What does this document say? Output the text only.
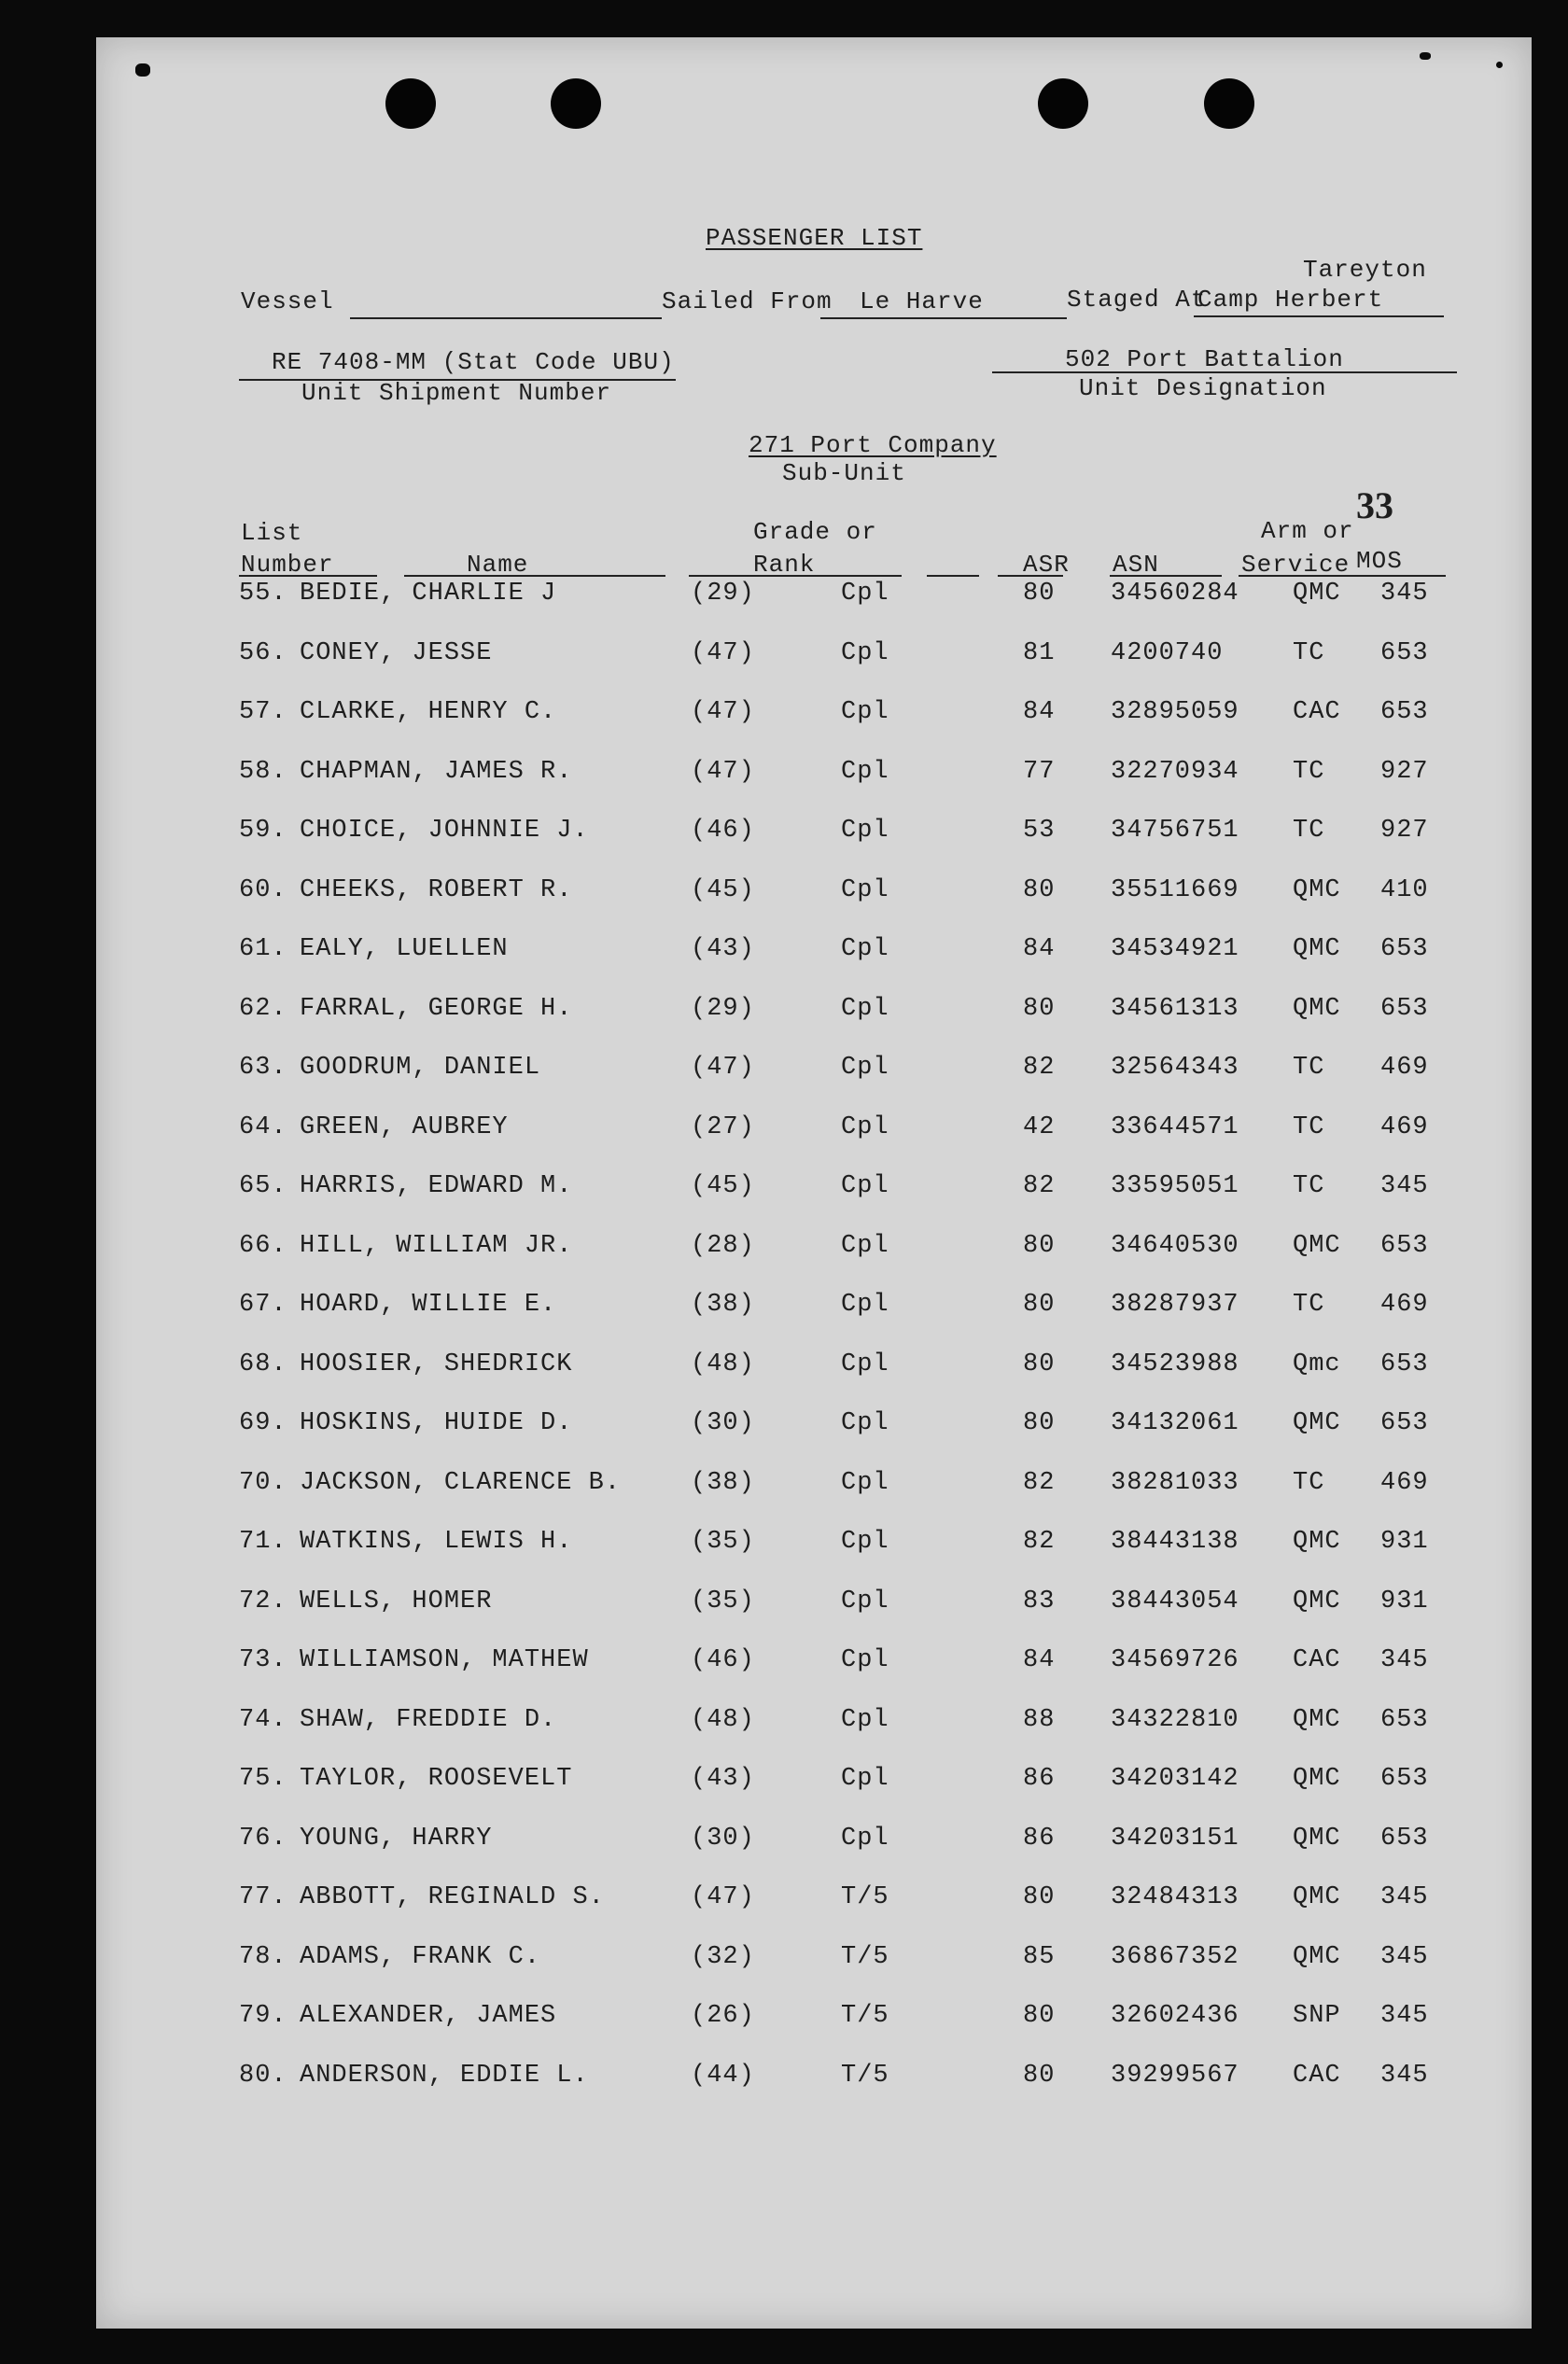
PASSENGER LIST
Tareyton
Vessel	Sailed From Le Harve	Staged At
Camp Herbert
RE 7408-MM (Stat Code UBU)
Unit Shipment Number
502 Port Battalion
Unit Designation
271 Port Company
Sub-Unit
33
List
Number	Name
Grade or
Rank	ASR ASN
Arm or
Service MOS
55. BEDIE, CHARLIE J	(29)	Cpl	80 34560284 QMC 345
56. CONEY, JESSE	(47)	Cpl	81 4200740	TC 653
57. CLARKE, HENRY C.	(47)	Cpl	84 32895059 CAC 653
58. CHAPMAN, JAMES R.	(47)	Cpl	77 32270934 TC 927
59. CHOICE, JOHNNIE J.	(46)	Cpl	53 34756751 TC 927
60. CHEEKS, ROBERT R.	(45)	Cpl	80 35511669 QMC 410
61. EALY, LUELLEN	(43)	Cpl	84 34534921 QMC 653
62. FARRAL, GEORGE H.	(29)	Cpl	80 34561313 QMC 653
63. GOODRUM, DANIEL	(47)	Cpl	82 32564343 TC 469
64. GREEN, AUBREY	(27)	Cpl	42 33644571 TC 469
65. HARRIS, EDWARD M.	(45)	Cpl	82 33595051 TC 345
66. HILL, WILLIAM JR.	(28)	Cpl	80 34640530 QMC 653
67. HOARD, WILLIE E.	(38)	Cpl	80 38287937 TC 469
68. HOOSIER, SHEDRICK	(48)	Cpl	80 34523988 Qmc 653
69. HOSKINS, HUIDE D.	(30)	Cpl	80 34132061 QMC 653
70. JACKSON, CLARENCE B.	(38)	Cpl	82 38281033 TC 469
71. WATKINS, LEWIS H.	(35)	Cpl	82 38443138 QMC 931
72. WELLS, HOMER	(35)	Cpl	83 38443054 QMC 931
73. WILLIAMSON, MATHEW	(46)	Cpl	84 34569726 CAC 345
74. SHAW, FREDDIE D.	(48)	Cpl	88 34322810 QMC 653
75. TAYLOR, ROOSEVELT	(43)	Cpl	86 34203142 QMC 653
76. YOUNG, HARRY	(30)	Cpl	86 34203151 QMC 653
77. ABBOTT, REGINALD S.	(47)	T/5	80 32484313 QMC 345
78. ADAMS, FRANK C.	(32)	T/5	85 36867352 QMC 345
79. ALEXANDER, JAMES	(26)	T/5	80 32602436 SNP 345
80. ANDERSON, EDDIE L.	(44)	T/5	80 39299567 CAC 345
